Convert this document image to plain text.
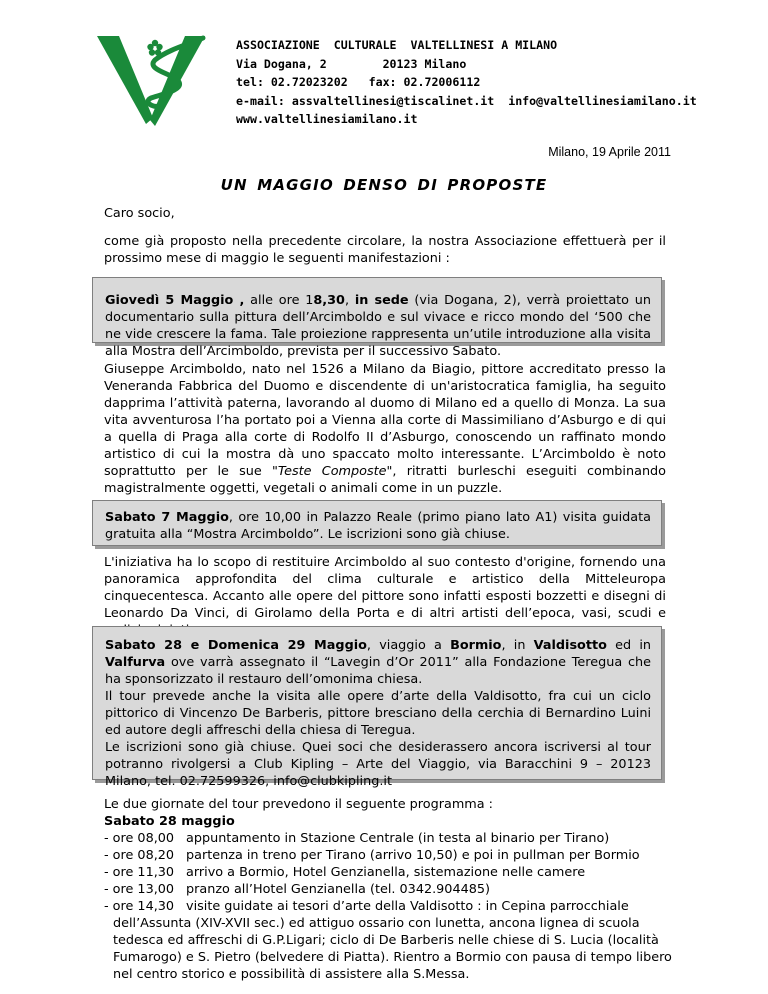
ASSOCIAZIONE  CULTURALE  VALTELLINESI A MILANO
Via Dogana, 2        20123 Milano
tel: 02.72023202   fax: 02.72006112
e-mail: assvaltellinesi@tiscalinet.it  info@valtellinesiamilano.it
www.valtellinesiamilano.it
Milano, 19 Aprile 2011
UN MAGGIO DENSO DI PROPOSTE
Caro socio,
come già proposto nella precedente circolare, la nostra Associazione effettuerà per il prossimo mese di maggio le seguenti manifestazioni :

Giovedì 5 Maggio , alle ore 18,30, in sede (via Dogana, 2), verrà proiettato un documentario sulla pittura dell’Arcimboldo e sul vivace e ricco mondo del ‘500 che ne vide crescere la fama. Tale proiezione rappresenta un’utile introduzione alla visita alla Mostra dell’Arcimboldo, prevista per il successivo Sabato.

Giuseppe Arcimboldo, nato nel 1526 a Milano da Biagio, pittore accreditato presso la Veneranda Fabbrica del Duomo e discendente di un'aristocratica famiglia, ha seguito dapprima l’attività paterna, lavorando al duomo di Milano ed a quello di Monza. La sua vita avventurosa l’ha portato poi a Vienna alla corte di Massimiliano d’Asburgo e di qui a quella di Praga alla corte di Rodolfo II d’Asburgo, conoscendo un raffinato mondo artistico di cui la mostra dà uno spaccato molto interessante. L’Arcimboldo è noto soprattutto per le sue "Teste Composte", ritratti burleschi eseguiti combinando magistralmente oggetti, vegetali o animali come in un puzzle.

Sabato 7 Maggio, ore 10,00 in Palazzo Reale (primo piano lato A1) visita guidata gratuita alla “Mostra Arcimboldo”. Le iscrizioni sono già chiuse.

L'iniziativa ha lo scopo di restituire Arcimboldo al suo contesto d'origine, fornendo una panoramica approfondita del clima culturale e artistico della Mitteleuropa cinquecentesca. Accanto alle opere del pittore sono infatti esposti bozzetti e disegni di Leonardo Da Vinci, di Girolamo della Porta e di altri artisti dell’epoca, vasi, scudi e

Sabato 28 e Domenica 29 Maggio, viaggio a Bormio, in Valdisotto ed in Valfurva ove varrà assegnato il “Lavegin d’Or 2011” alla Fondazione Teregua che ha sponsorizzato il restauro dell’omonima chiesa.

Il tour prevede anche la visita alle opere d’arte della Valdisotto, fra cui un ciclo pittorico di Vincenzo De Barberis, pittore bresciano della cerchia di Bernardino Luini ed autore degli affreschi della chiesa di Teregua.

Le iscrizioni sono già chiuse. Quei soci che desiderassero ancora iscriversi al tour potranno rivolgersi a Club Kipling – Arte del Viaggio, via Baracchini 9 – 20123 Milano, tel. 02.72599326, info@clubkipling.it

Le due giornate del tour prevedono il seguente programma :

Sabato 28 maggio

- ore 08,00 appuntamento in Stazione Centrale (in testa al binario per Tirano)
- ore 08,20 partenza in treno per Tirano (arrivo 10,50) e poi in pullman per Bormio
- ore 11,30 arrivo a Bormio, Hotel Genzianella, sistemazione nelle camere
- ore 13,00 pranzo all’Hotel Genzianella (tel. 0342.904485)
- ore 14,30 visite guidate ai tesori d’arte della Valdisotto : in Cepina parrocchiale

dell’Assunta (XIV-XVII sec.) ed attiguo ossario con lunetta, ancona lignea di scuola tedesca ed affreschi di G.P.Ligari; ciclo di De Barberis nelle chiese di S. Lucia (località Fumarogo) e S. Pietro (belvedere di Piatta). Rientro a Bormio con pausa di tempo libero nel centro storico e possibilità di assistere alla S.Messa.
